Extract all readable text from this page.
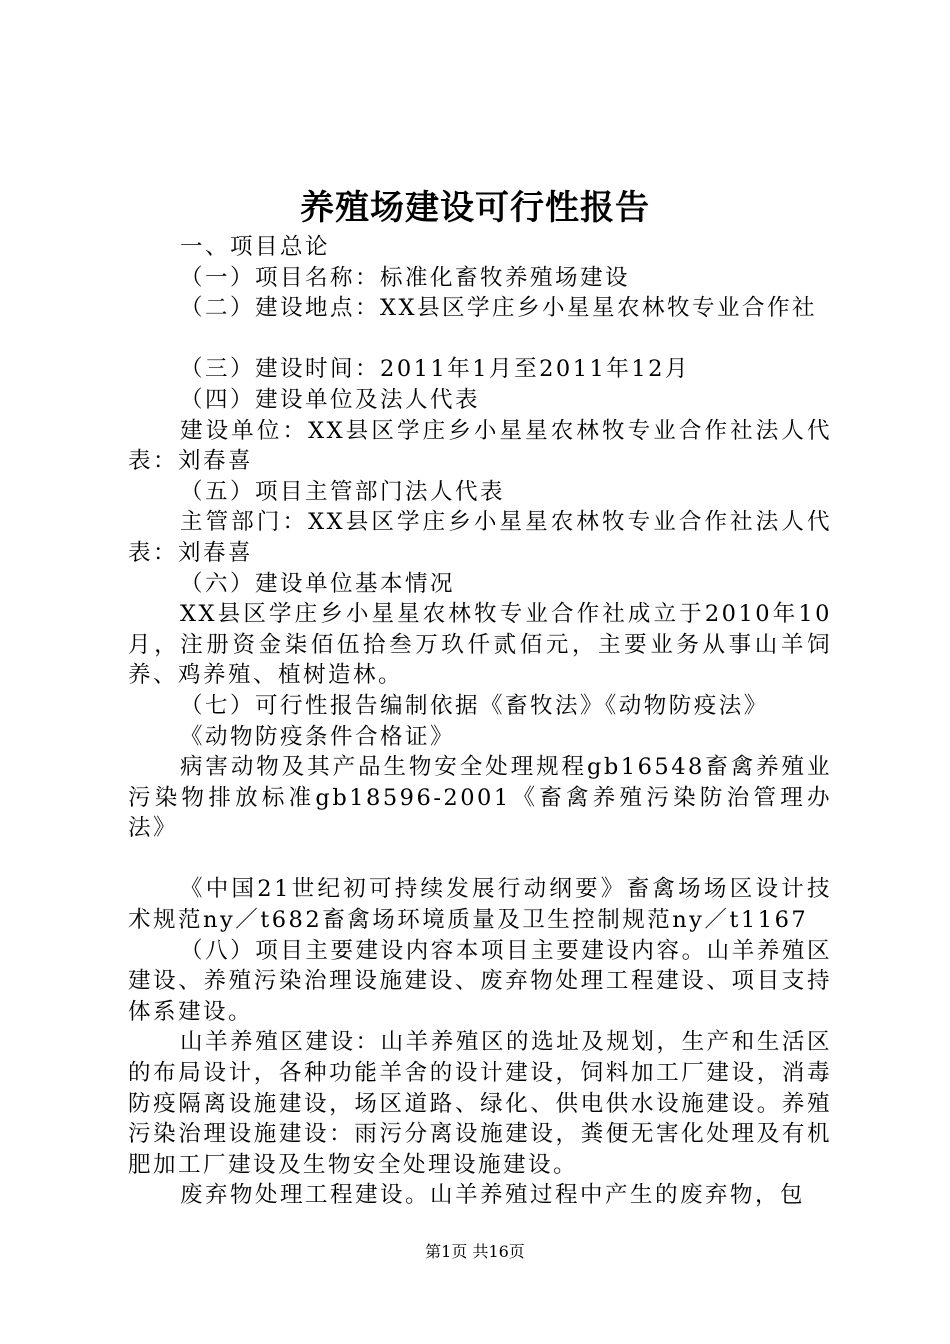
养殖场建设可行性报告

一、项目总论

（一）项目名称：标准化畜牧养殖场建设

（二）建设地点：XX县区学庄乡小星星农林牧专业合作社

（三）建设时间：2011年1月至2011年12月

（四）建设单位及法人代表

建设单位：XX县区学庄乡小星星农林牧专业合作社法人代表：刘春喜

（五）项目主管部门法人代表

主管部门：XX县区学庄乡小星星农林牧专业合作社法人代表：刘春喜

（六）建设单位基本情况

XX县区学庄乡小星星农林牧专业合作社成立于2010年10月，注册资金柒佰伍拾叁万玖仟贰佰元，主要业务从事山羊饲养、鸡养殖、植树造林。

（七）可行性报告编制依据《畜牧法》《动物防疫法》

《动物防疫条件合格证》

病害动物及其产品生物安全处理规程gb16548畜禽养殖业污染物排放标准gb18596-2001《畜禽养殖污染防治管理办法》

《中国21世纪初可持续发展行动纲要》畜禽场场区设计技术规范ny／t682畜禽场环境质量及卫生控制规范ny／t1167

（八）项目主要建设内容本项目主要建设内容。山羊养殖区建设、养殖污染治理设施建设、废弃物处理工程建设、项目支持体系建设。

山羊养殖区建设：山羊养殖区的选址及规划，生产和生活区的布局设计，各种功能羊舍的设计建设，饲料加工厂建设，消毒防疫隔离设施建设，场区道路、绿化、供电供水设施建设。养殖污染治理设施建设：雨污分离设施建设，粪便无害化处理及有机肥加工厂建设及生物安全处理设施建设。

废弃物处理工程建设。山羊养殖过程中产生的废弃物，包

第1页 共16页
